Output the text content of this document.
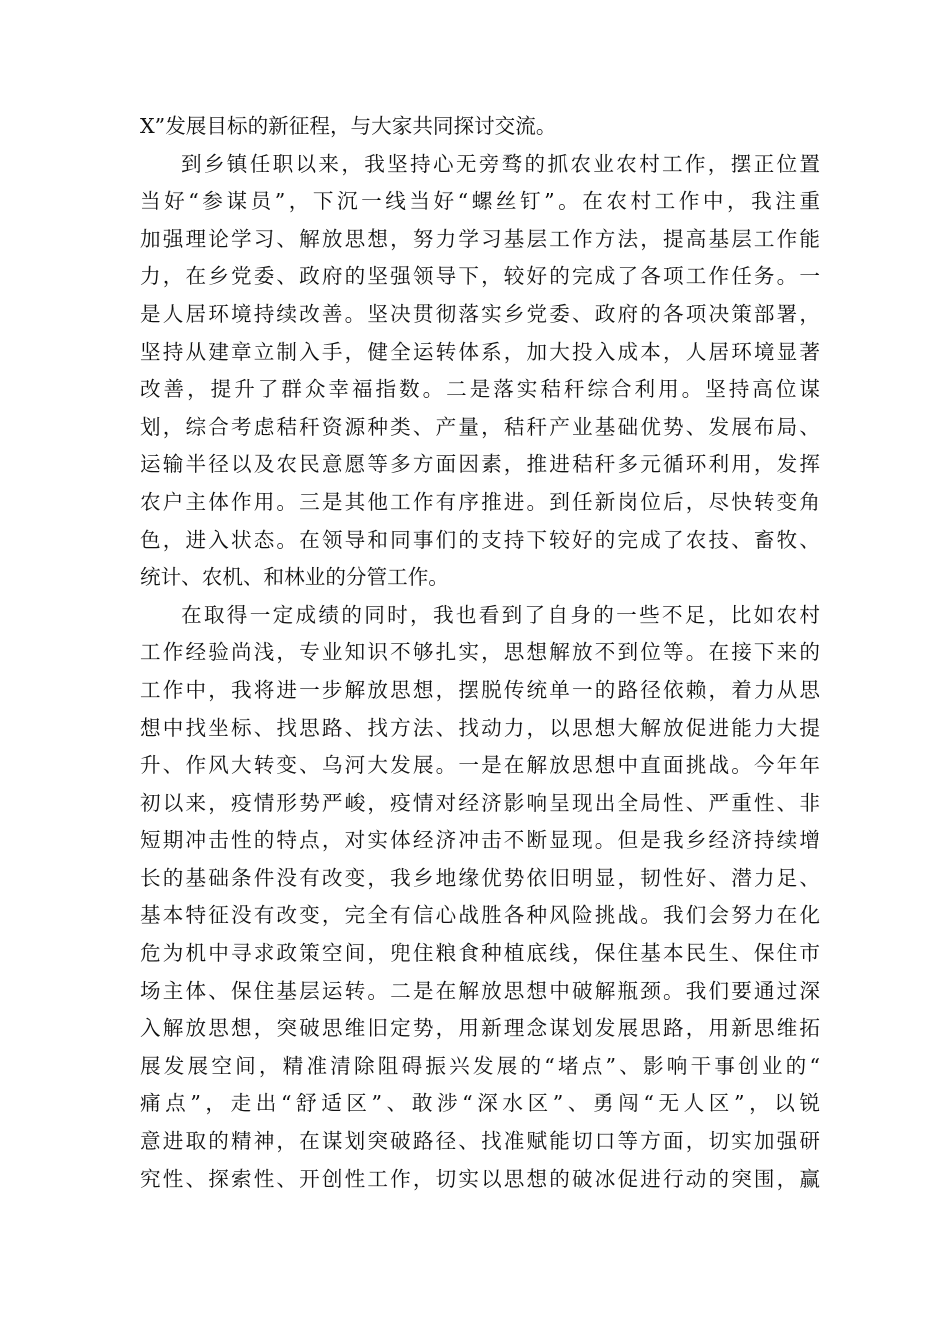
X”发展目标的新征程，与大家共同探讨交流。
到乡镇任职以来，我坚持心无旁骛的抓农业农村工作，摆正位置
当好“参谋员”，下沉一线当好“螺丝钉”。在农村工作中，我注重
加强理论学习、解放思想，努力学习基层工作方法，提高基层工作能
力，在乡党委、政府的坚强领导下，较好的完成了各项工作任务。一
是人居环境持续改善。坚决贯彻落实乡党委、政府的各项决策部署，
坚持从建章立制入手，健全运转体系，加大投入成本，人居环境显著
改善，提升了群众幸福指数。二是落实秸秆综合利用。坚持高位谋
划，综合考虑秸秆资源种类、产量，秸秆产业基础优势、发展布局、
运输半径以及农民意愿等多方面因素，推进秸秆多元循环利用，发挥
农户主体作用。三是其他工作有序推进。到任新岗位后，尽快转变角
色，进入状态。在领导和同事们的支持下较好的完成了农技、畜牧、
统计、农机、和林业的分管工作。
在取得一定成绩的同时，我也看到了自身的一些不足，比如农村
工作经验尚浅，专业知识不够扎实，思想解放不到位等。在接下来的
工作中，我将进一步解放思想，摆脱传统单一的路径依赖，着力从思
想中找坐标、找思路、找方法、找动力，以思想大解放促进能力大提
升、作风大转变、乌河大发展。一是在解放思想中直面挑战。今年年
初以来，疫情形势严峻，疫情对经济影响呈现出全局性、严重性、非
短期冲击性的特点，对实体经济冲击不断显现。但是我乡经济持续增
长的基础条件没有改变，我乡地缘优势依旧明显，韧性好、潜力足、
基本特征没有改变，完全有信心战胜各种风险挑战。我们会努力在化
危为机中寻求政策空间，兜住粮食种植底线，保住基本民生、保住市
场主体、保住基层运转。二是在解放思想中破解瓶颈。我们要通过深
入解放思想，突破思维旧定势，用新理念谋划发展思路，用新思维拓
展发展空间，精准清除阻碍振兴发展的“堵点”、影响干事创业的“
痛点”，走出“舒适区”、敢涉“深水区”、勇闯“无人区”，以锐
意进取的精神，在谋划突破路径、找准赋能切口等方面，切实加强研
究性、探索性、开创性工作，切实以思想的破冰促进行动的突围，赢
